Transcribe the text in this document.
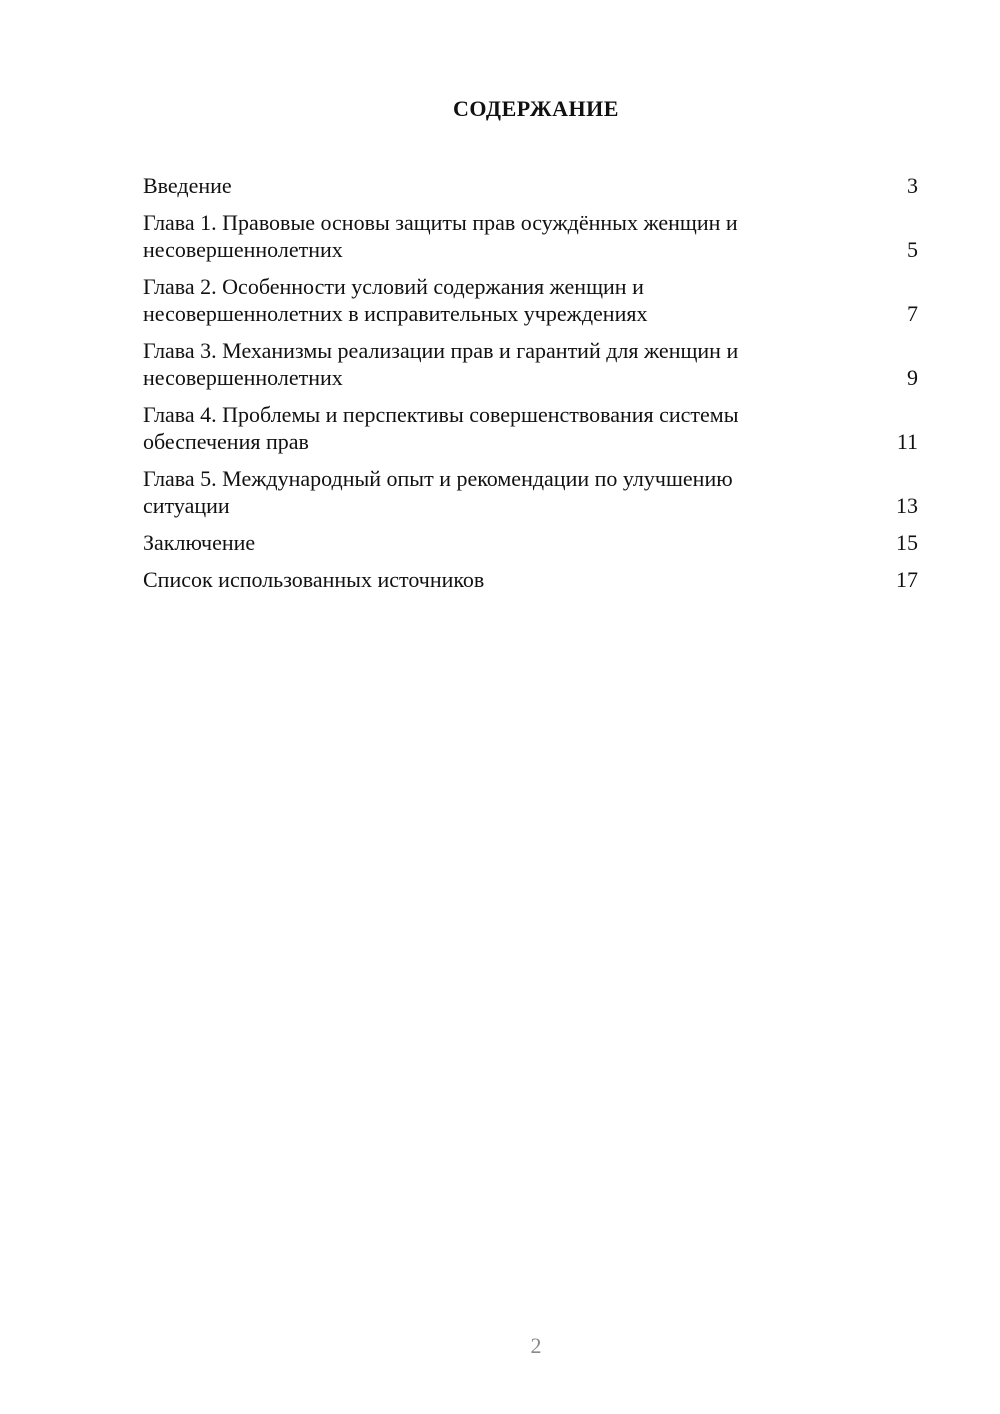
СОДЕРЖАНИЕ
Введение	3
Глава 1. Правовые основы защиты прав осуждённых женщин и
несовершеннолетних	5
Глава 2. Особенности условий содержания женщин и
несовершеннолетних в исправительных учреждениях	7
Глава 3. Механизмы реализации прав и гарантий для женщин и
несовершеннолетних	9
Глава 4. Проблемы и перспективы совершенствования системы
обеспечения прав	11
Глава 5. Международный опыт и рекомендации по улучшению
ситуации	13
Заключение	15
Список использованных источников	17
2
